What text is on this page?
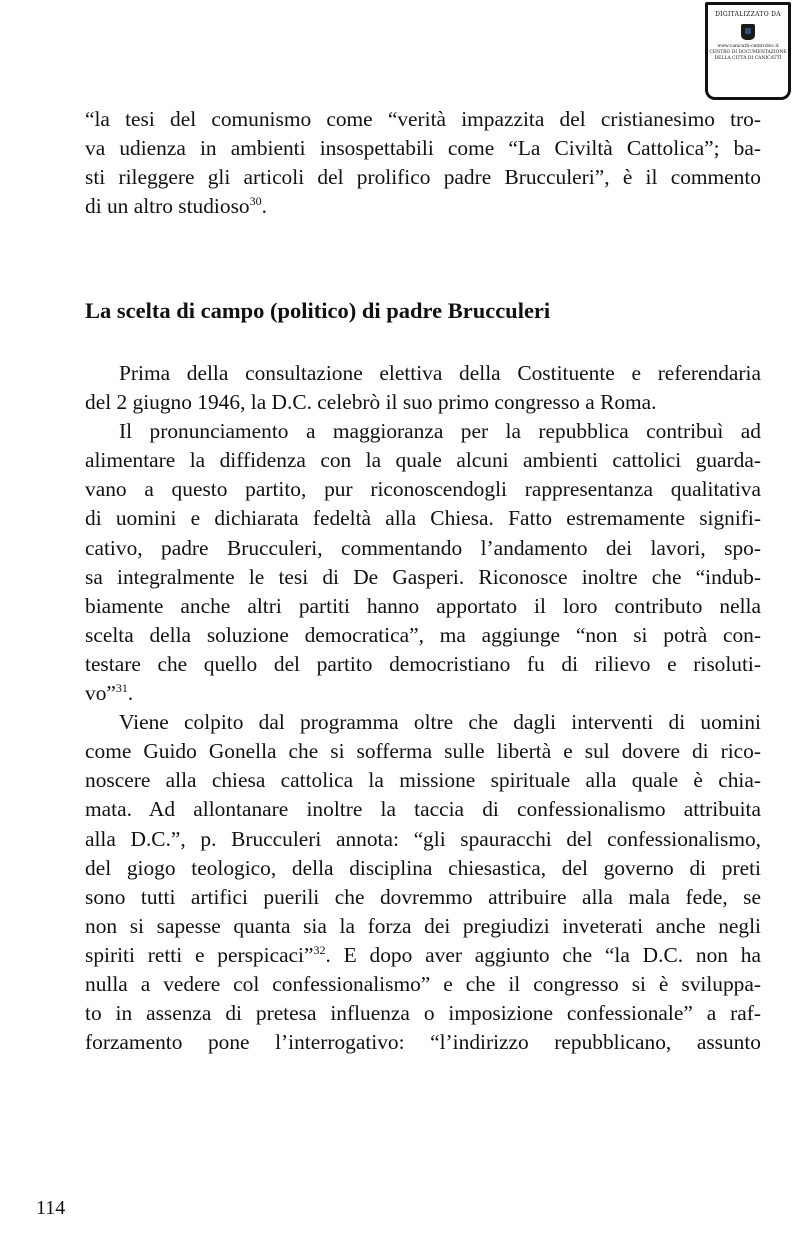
DIGITALIZZATO DA
www.canicatti-centrodoc.it
CENTRO DI DOCUMENTAZIONE
DELLA CITTÀ DI CANICATTÌ
“la tesi del comunismo come “verità impazzita del cristianesimo tro-
va udienza in ambienti insospettabili come “La Civiltà Cattolica”; ba-
sti rileggere gli articoli del prolifico padre Brucculeri”, è il commento
di un altro studioso$^{30}$.
La scelta di campo (politico) di padre Brucculeri
Prima della consultazione elettiva della Costituente e referendaria
del 2 giugno 1946, la D.C. celebrò il suo primo congresso a Roma.
Il pronunciamento a maggioranza per la repubblica contribuì ad
alimentare la diffidenza con la quale alcuni ambienti cattolici guarda-
vano a questo partito, pur riconoscendogli rappresentanza qualitativa
di uomini e dichiarata fedeltà alla Chiesa. Fatto estremamente signifi-
cativo, padre Brucculeri, commentando l’andamento dei lavori, spo-
sa integralmente le tesi di De Gasperi. Riconosce inoltre che “indub-
biamente anche altri partiti hanno apportato il loro contributo nella
scelta della soluzione democratica”, ma aggiunge “non si potrà con-
testare che quello del partito democristiano fu di rilievo e risoluti-
vo”$^{31}$.
Viene colpito dal programma oltre che dagli interventi di uomini
come Guido Gonella che si sofferma sulle libertà e sul dovere di rico-
noscere alla chiesa cattolica la missione spirituale alla quale è chia-
mata. Ad allontanare inoltre la taccia di confessionalismo attribuita
alla D.C.”, p. Brucculeri annota: “gli spauracchi del confessionalismo,
del giogo teologico, della disciplina chiesastica, del governo di preti
sono tutti artifici puerili che dovremmo attribuire alla mala fede, se
non si sapesse quanta sia la forza dei pregiudizi inveterati anche negli
spiriti retti e perspicaci”$^{32}$. E dopo aver aggiunto che “la D.C. non ha
nulla a vedere col confessionalismo” e che il congresso si è sviluppa-
to in assenza di pretesa influenza o imposizione confessionale” a raf-
forzamento pone l’interrogativo: “l’indirizzo repubblicano, assunto
114
